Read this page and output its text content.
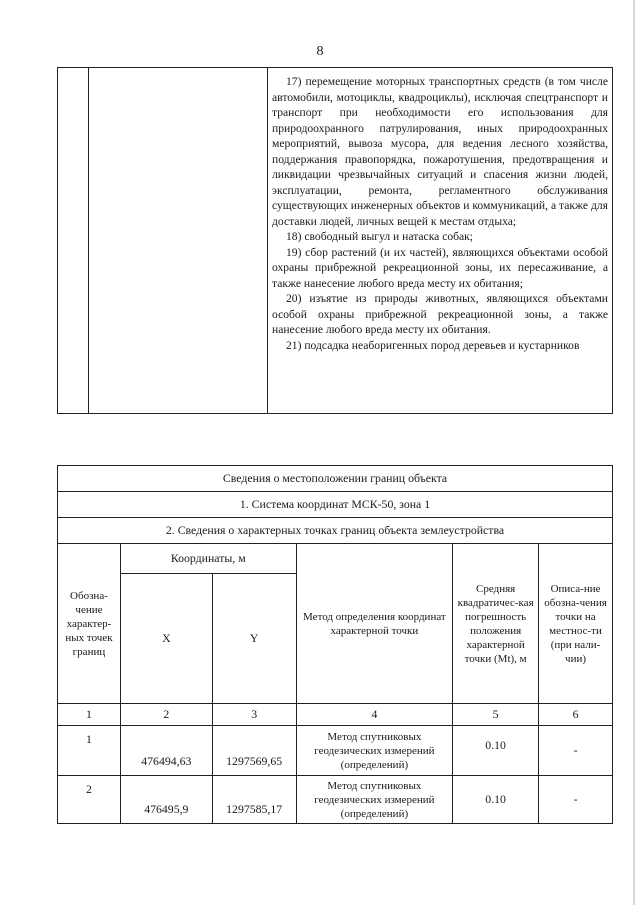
8

17) перемещение моторных транспортных средств (в том числе автомобили, мотоциклы, квадроциклы), исключая спецтранспорт и транспорт при необходимости его использования для природоохранного патрулирования, иных природоохранных мероприятий, вывоза мусора, для ведения лесного хозяйства, поддержания правопорядка, пожаротушения, предотвращения и ликвидации чрезвычайных ситуаций и спасения жизни людей, эксплуатации, ремонта, регламентного обслуживания существующих инженерных объектов и коммуникаций, а также для доставки людей, личных вещей к местам отдыха;

18) свободный выгул и натаска собак;

19) сбор растений (и их частей), являющихся объектами особой охраны прибрежной рекреационной зоны, их пересаживание, а также нанесение любого вреда месту их обитания;

20) изъятие из природы животных, являющихся объектами особой охраны прибрежной рекреационной зоны, а также нанесение любого вреда месту их обитания.

21) подсадка неаборигенных пород деревьев и кустарников

Сведения о местоположении границ объекта					
1. Система координат МСК-50, зона 1					
2. Сведения о характерных точках границ объекта землеустройства					
Обозна-чение характер-ных точек границ	Координаты, м		Метод определения координат характерной точки	Средняя квадратичес-кая погрешность положения характерной точки (Mt), м	Описа-ние обозна-чения точки на местнос-ти (при нали-чии)
	X	Y			
1	2	3	4	5	6
1	476494,63	1297569,65	Метод спутниковых геодезических измерений (определений)	0.10	-
2	476495,9	1297585,17	Метод спутниковых геодезических измерений (определений)	0.10	-
